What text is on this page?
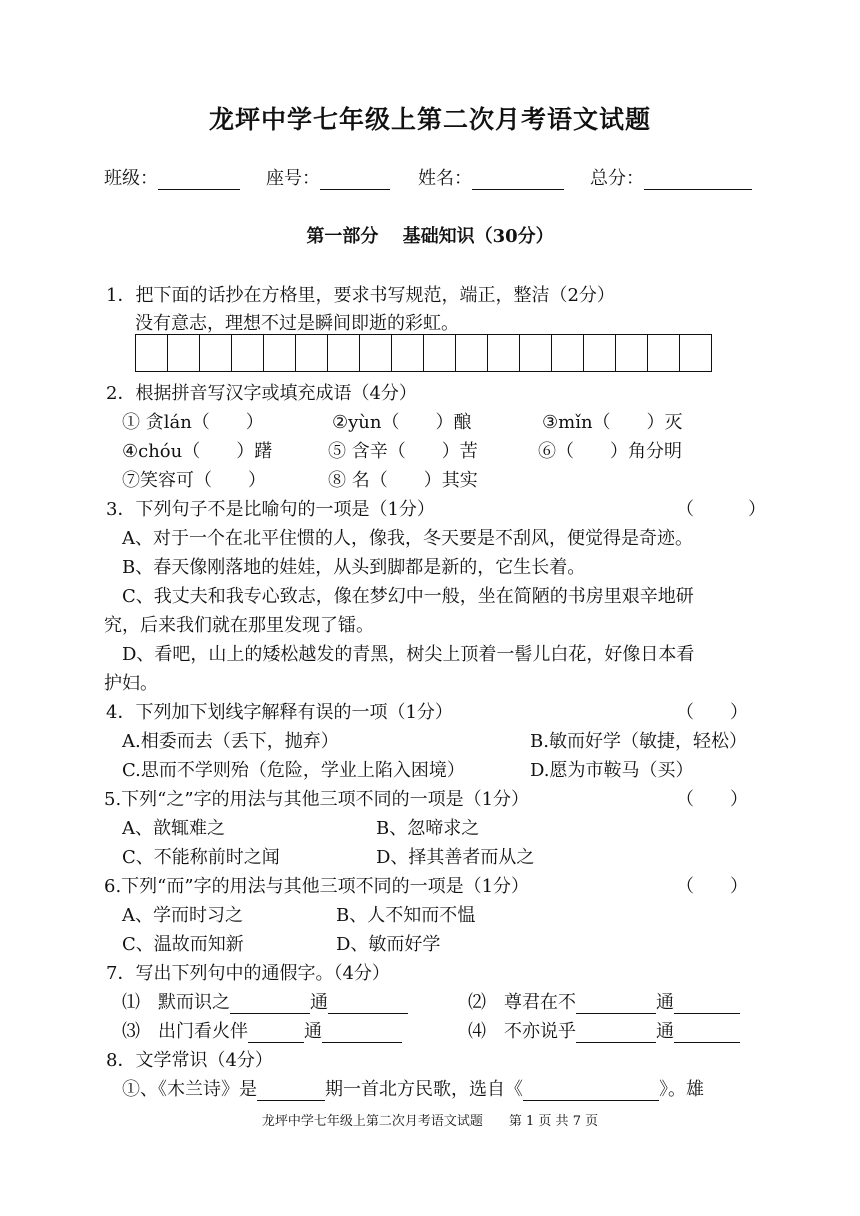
龙坪中学七年级上第二次月考语文试题
班级：	座号：	姓名：	总分：
第一部分　 基础知识（30分）
1．把下面的话抄在方格里，要求书写规范，端正，整洁（2分）
没有意志，理想不过是瞬间即逝的彩虹。
2．根据拼音写汉字或填充成语（4分）
① 贪lán（　　）	②yùn（　　）酿	③mǐn（　　）灭
④chóu（　　）躇	⑤ 含辛（　　）苦	⑥（　　）角分明
⑦笑容可（　　）	⑧ 名（　　）其实
3．下列句子不是比喻句的一项是（1分）	（　　　）
A、对于一个在北平住惯的人，像我，冬天要是不刮风，便觉得是奇迹。
B、春天像刚落地的娃娃，从头到脚都是新的，它生长着。
C、我丈夫和我专心致志，像在梦幻中一般，坐在简陋的书房里艰辛地研
究，后来我们就在那里发现了镭。
D、看吧，山上的矮松越发的青黑，树尖上顶着一髻儿白花，好像日本看
护妇。
4．下列加下划线字解释有误的一项（1分）	（　　）
A.相委而去（丢下，抛弃）	B.敏而好学（敏捷，轻松）
C.思而不学则殆（危险，学业上陷入困境）	D.愿为市鞍马（买）
5.下列“之”字的用法与其他三项不同的一项是（1分）	（　　）
A、歆辄难之	B、忽啼求之
C、不能称前时之闻	D、择其善者而从之
6.下列“而”字的用法与其他三项不同的一项是（1分）	（　　）
A、学而时习之	B、人不知而不愠
C、温故而知新	D、敏而好学
7．写出下列句中的通假字。（4分）
⑴　默而识之	通	⑵　尊君在不	通
⑶　出门看火伴	通	⑷　不亦说乎	通
8．文学常识（4分）
①、《木兰诗》是	期一首北方民歌，选自《	》。雄
龙坪中学七年级上第二次月考语文试题　　第 1 页 共 7 页
